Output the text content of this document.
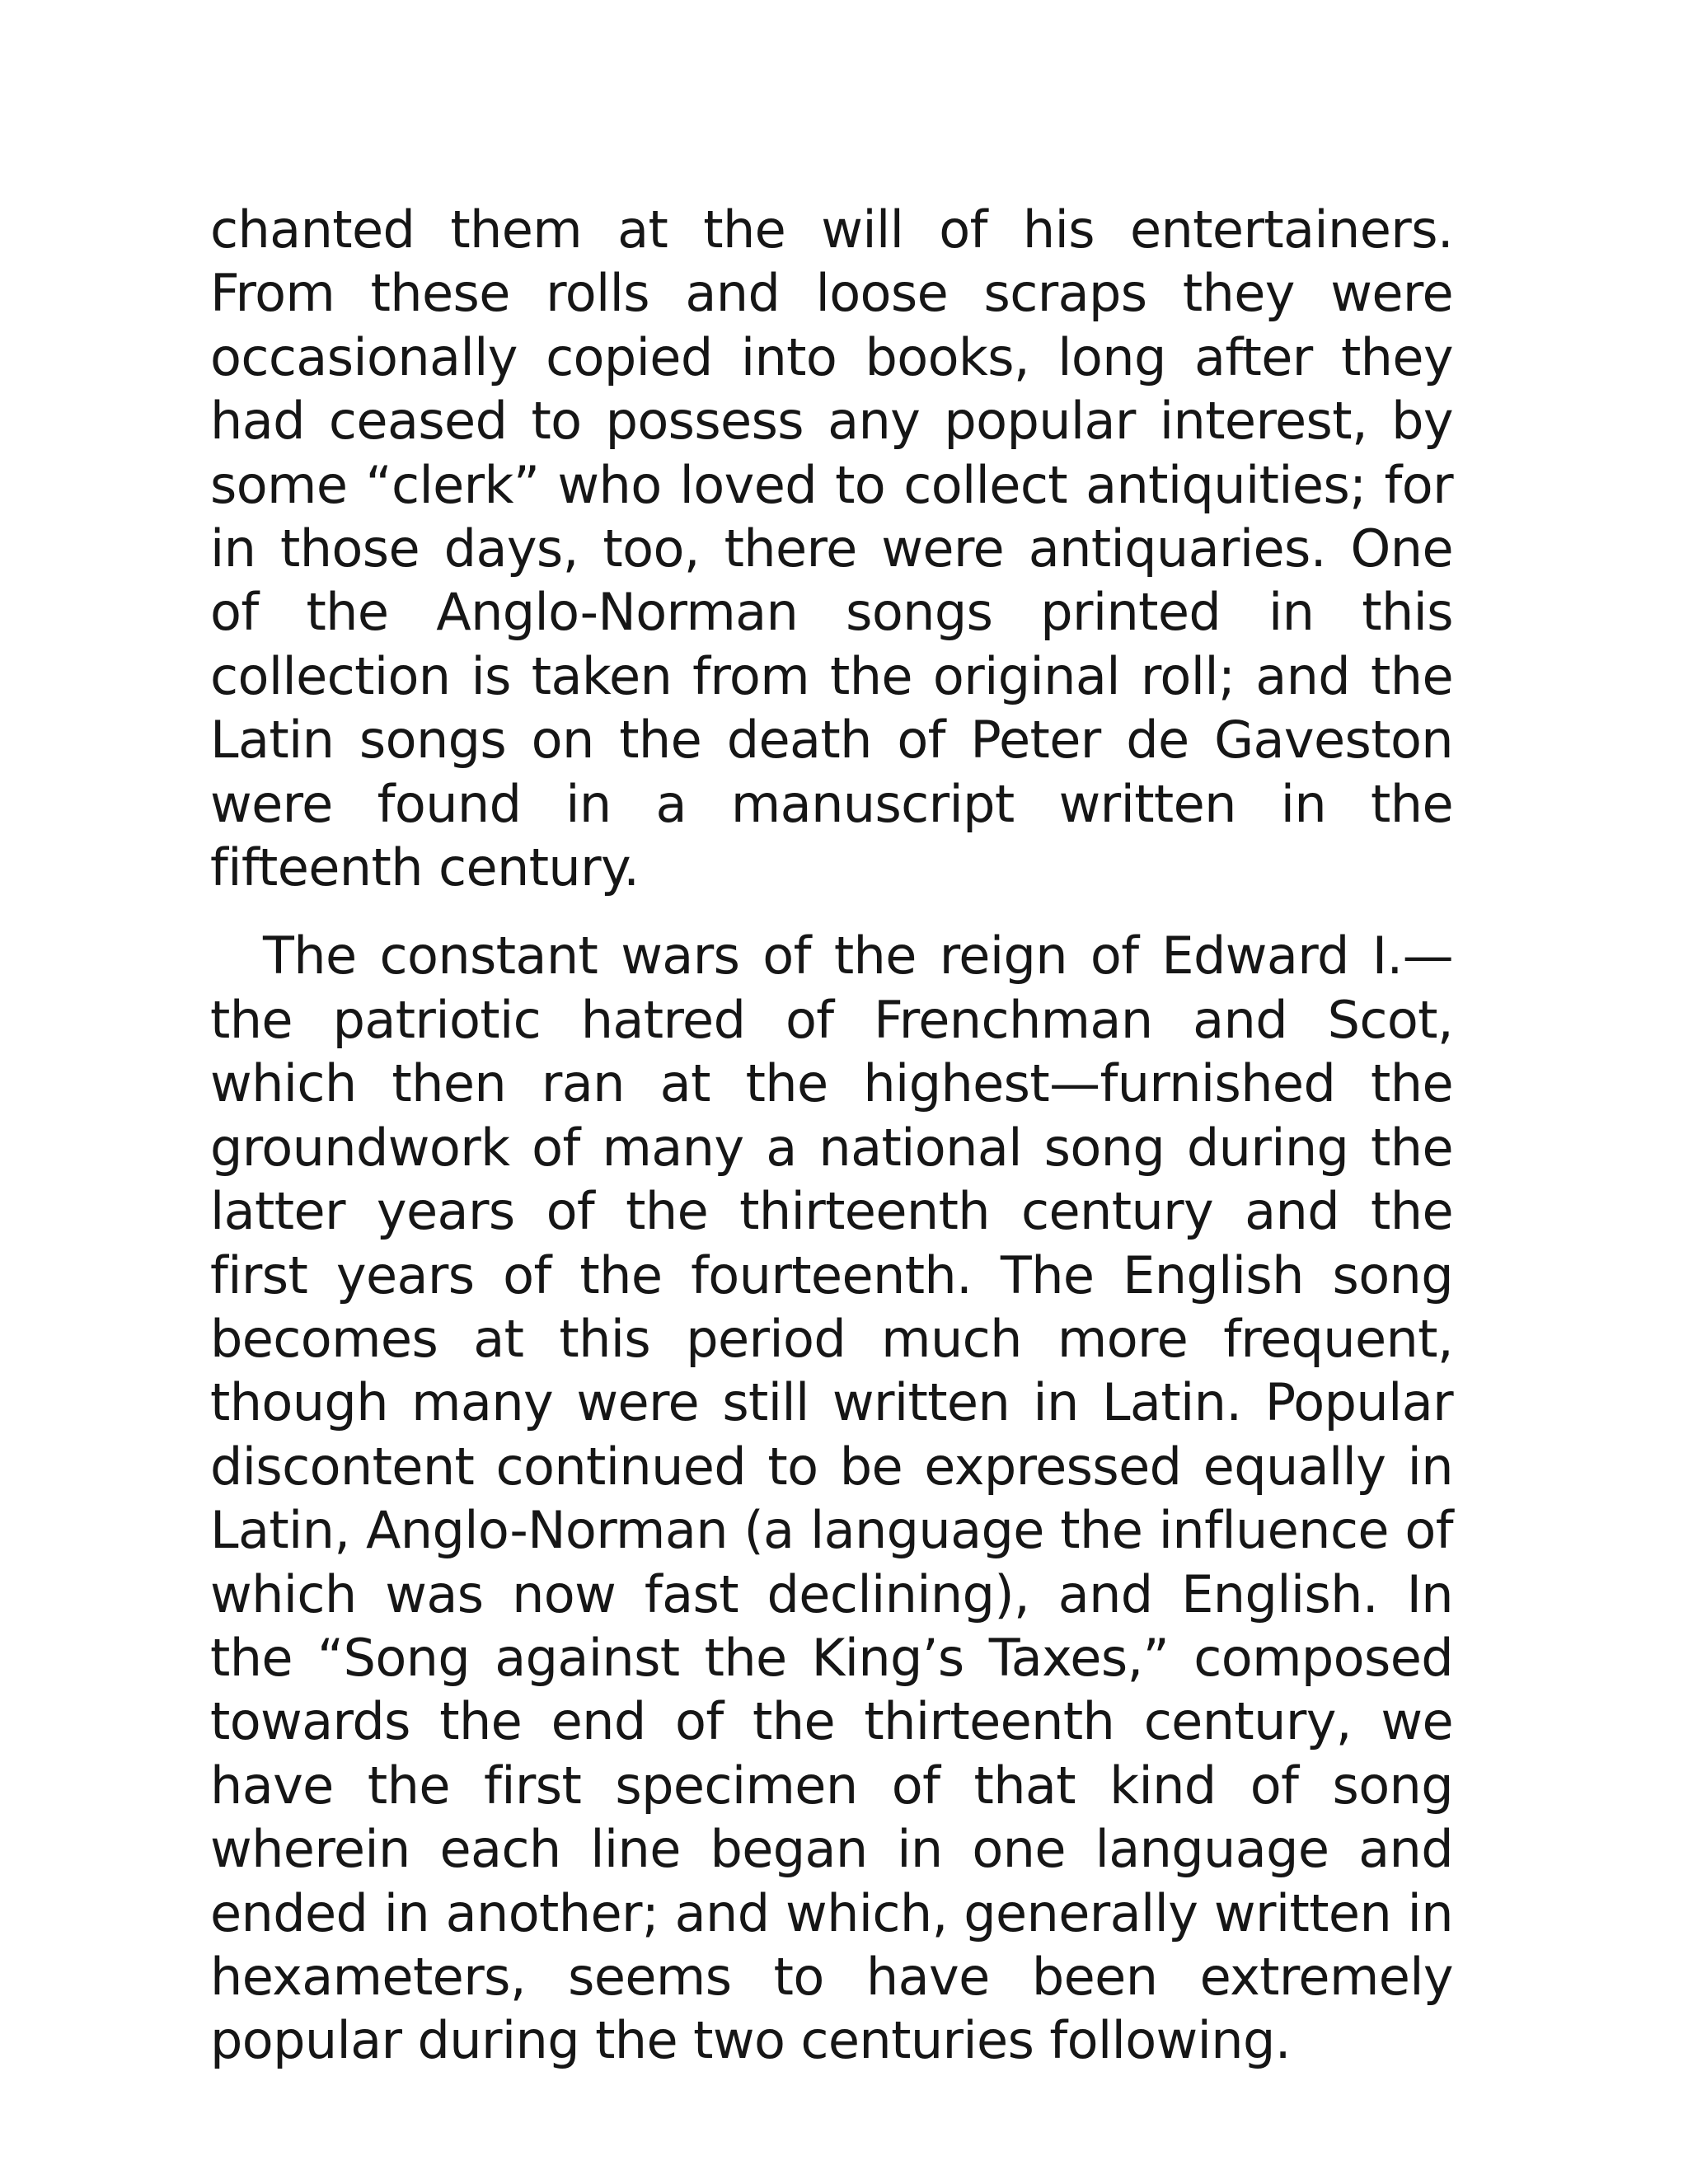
chanted them at the will of his entertainers. From these rolls and loose scraps they were occasionally copied into books, long after they had ceased to possess any popular interest, by some “clerk” who loved to collect antiquities; for in those days, too, there were antiquaries. One of the Anglo-Norman songs printed in this collection is taken from the original roll; and the Latin songs on the death of Peter de Gaveston were found in a manuscript written in the fifteenth century.

The constant wars of the reign of Edward I.—the patriotic hatred of Frenchman and Scot, which then ran at the highest—furnished the groundwork of many a national song during the latter years of the thirteenth century and the first years of the fourteenth. The English song becomes at this period much more frequent, though many were still written in Latin. Popular discontent continued to be expressed equally in Latin, Anglo-Norman (a language the influence of which was now fast declining), and English. In the “Song against the King’s Taxes,” composed towards the end of the thirteenth century, we have the first specimen of that kind of song wherein each line began in one language and ended in another; and which, generally written in hexameters, seems to have been extremely popular during the two centuries following.
